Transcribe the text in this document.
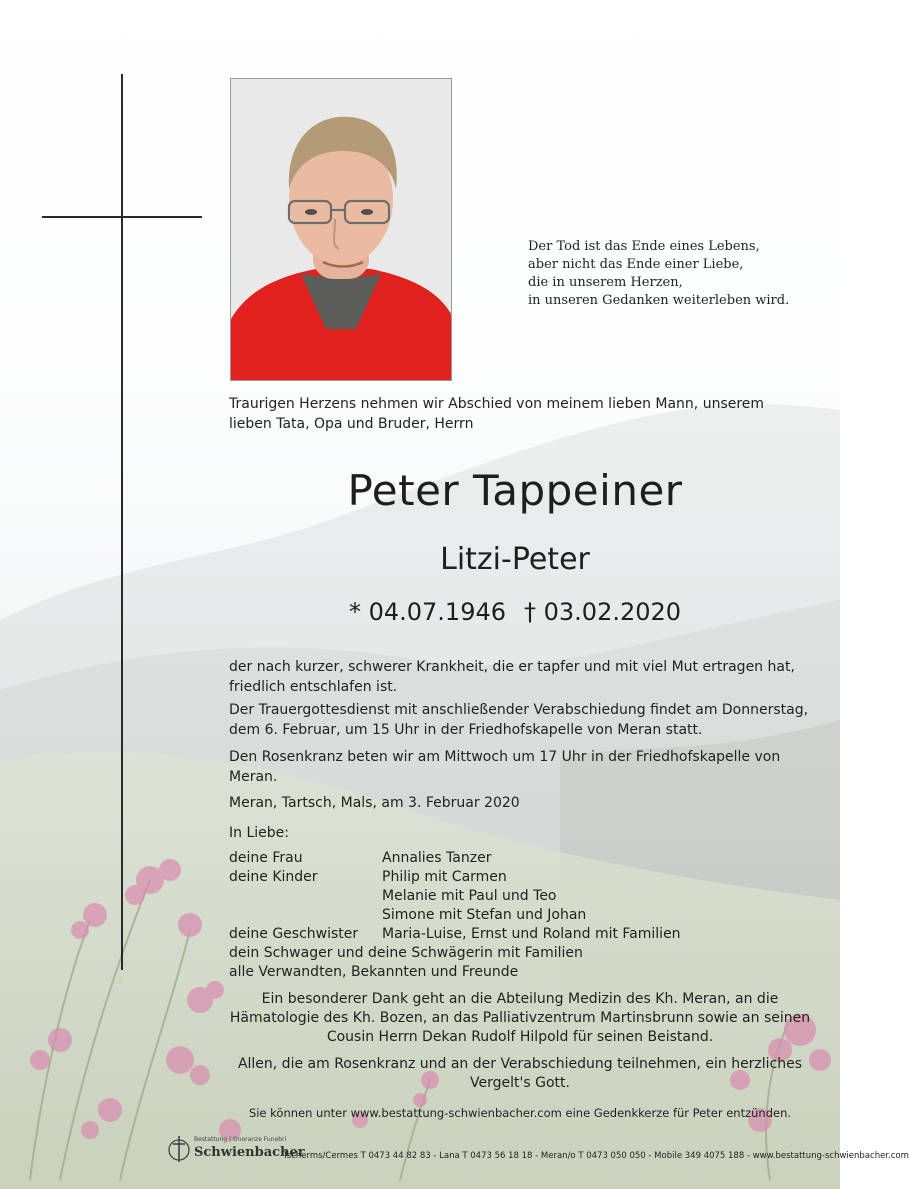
Der Tod ist das Ende eines Lebens,
aber nicht das Ende einer Liebe,
die in unserem Herzen,
in unseren Gedanken weiterleben wird.
Traurigen Herzens nehmen wir Abschied von meinem lieben Mann, unserem lieben Tata, Opa und Bruder, Herrn
Peter Tappeiner
Litzi-Peter
* 04.07.1946 † 03.02.2020
der nach kurzer, schwerer Krankheit, die er tapfer und mit viel Mut ertragen hat, friedlich entschlafen ist.
Der Trauergottesdienst mit anschließender Verabschiedung findet am Donnerstag, dem 6. Februar, um 15 Uhr in der Friedhofskapelle von Meran statt.
Den Rosenkranz beten wir am Mittwoch um 17 Uhr in der Friedhofskapelle von Meran.
Meran, Tartsch, Mals, am 3. Februar 2020
In Liebe:
deine Frau	Annalies Tanzer
deine Kinder	Philip mit Carmen
Melanie mit Paul und Teo
Simone mit Stefan und Johan
deine Geschwister Maria-Luise, Ernst und Roland mit Familien
dein Schwager und deine Schwägerin mit Familien
alle Verwandten, Bekannten und Freunde
Ein besonderer Dank geht an die Abteilung Medizin des Kh. Meran, an die Hämatologie des Kh. Bozen, an das Palliativzentrum Martinsbrunn sowie an seinen Cousin Herrn Dekan Rudolf Hilpold für seinen Beistand.
Allen, die am Rosenkranz und an der Verabschiedung teilnehmen, ein herzliches Vergelt's Gott.
Sie können unter www.bestattung-schwienbacher.com eine Gedenkkerze für Peter entzünden.
Bestattung | Onoranze Funebri
Schwienbacher
Tscherms/Cermes T 0473 44 82 83 - Lana T 0473 56 18 18 - Meran/o T 0473 050 050 - Mobile 349 4075 188 - www.bestattung-schwienbacher.com
